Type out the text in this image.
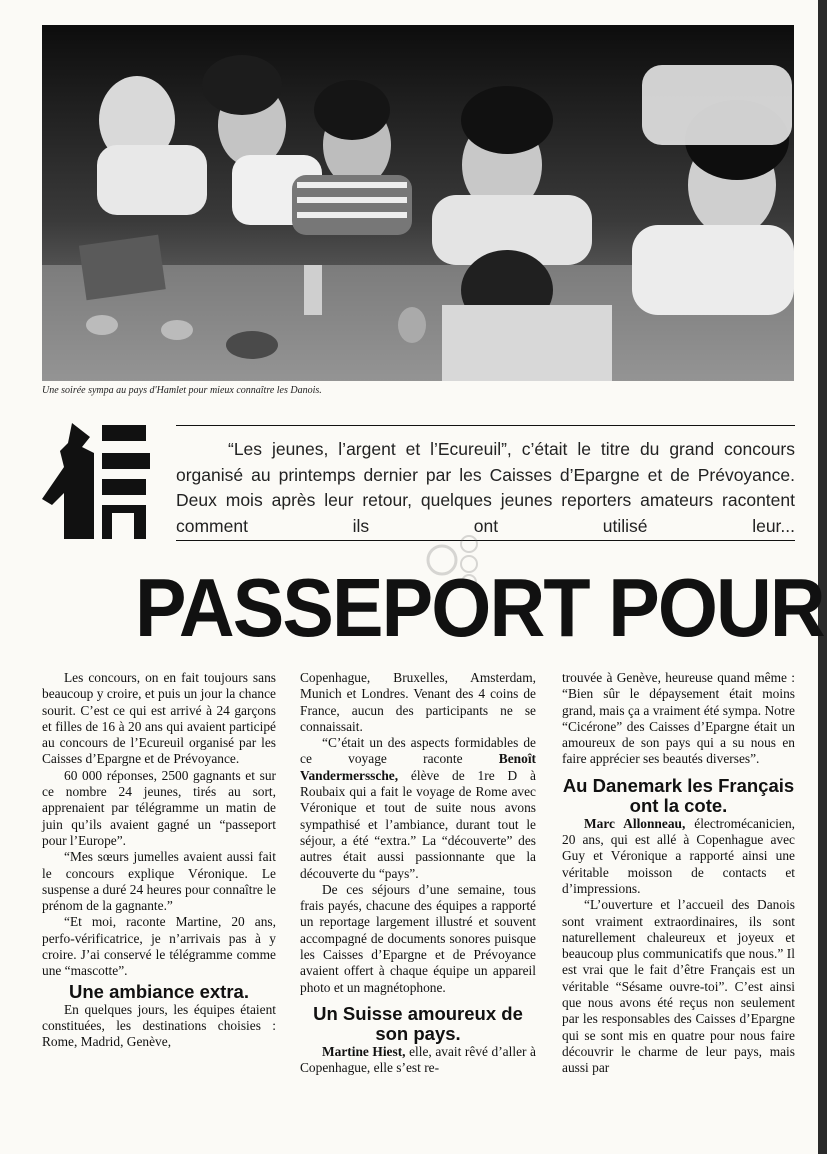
Une soirée sympa au pays d'Hamlet pour mieux connaître les Danois.
“Les jeunes, l’argent et l’Ecureuil”, c’était le titre du grand concours organisé au printemps dernier par les Caisses d’Epargne et de Prévoyance. Deux mois après leur retour, quelques jeunes reporters amateurs racontent comment ils ont utilisé leur...
PASSEPORT POUR

Les concours, on en fait toujours sans beaucoup y croire, et puis un jour la chance sourit. C’est ce qui est arrivé à 24 garçons et filles de 16 à 20 ans qui avaient participé au concours de l’Ecureuil organisé par les Caisses d’Epargne et de Prévoyance.

60 000 réponses, 2500 gagnants et sur ce nombre 24 jeunes, tirés au sort, apprenaient par télégramme un matin de juin qu’ils avaient gagné un “passeport pour l’Europe”.

“Mes sœurs jumelles avaient aussi fait le concours explique Véronique. Le suspense a duré 24 heures pour connaître le prénom de la gagnante.”

“Et moi, raconte Martine, 20 ans, perfo-vérificatrice, je n’arrivais pas à y croire. J’ai conservé le télégramme comme une “mascotte”.

Une ambiance extra.

En quelques jours, les équipes étaient constituées, les destinations choisies : Rome, Madrid, Genève,

Copenhague, Bruxelles, Amsterdam, Munich et Londres. Venant des 4 coins de France, aucun des participants ne se connaissait.

“C’était un des aspects formidables de ce voyage raconte Benoît Vandermerssche, élève de 1re D à Roubaix qui a fait le voyage de Rome avec Véronique et tout de suite nous avons sympathisé et l’ambiance, durant tout le séjour, a été “extra.” La “découverte” des autres était aussi passionnante que la découverte du “pays”.

De ces séjours d’une semaine, tous frais payés, chacune des équipes a rapporté un reportage largement illustré et souvent accompagné de documents sonores puisque les Caisses d’Epargne et de Prévoyance avaient offert à chaque équipe un appareil photo et un magnétophone.

Un Suisse amoureux de son pays.

Martine Hiest, elle, avait rêvé d’aller à Copenhague, elle s’est re-

trouvée à Genève, heureuse quand même : “Bien sûr le dépaysement était moins grand, mais ça a vraiment été sympa. Notre “Cicérone” des Caisses d’Epargne était un amoureux de son pays qui a su nous en faire apprécier ses beautés diverses”.

Au Danemark les Français ont la cote.

Marc Allonneau, électromécanicien, 20 ans, qui est allé à Copenhague avec Guy et Véronique a rapporté ainsi une véritable moisson de contacts et d’impressions.

“L’ouverture et l’accueil des Danois sont vraiment extraordinaires, ils sont naturellement chaleureux et joyeux et beaucoup plus communicatifs que nous.” Il est vrai que le fait d’être Français est un véritable “Sésame ouvre-toi”. C’est ainsi que nous avons été reçus non seulement par les responsables des Caisses d’Epargne qui se sont mis en quatre pour nous faire découvrir le charme de leur pays, mais aussi par
